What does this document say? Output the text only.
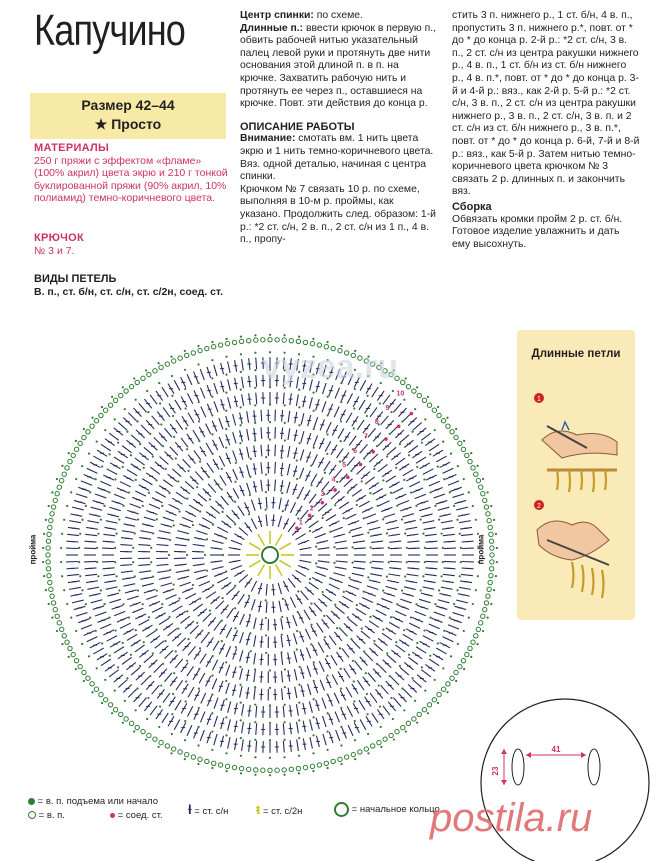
Капучино
Размер 42–44
★ Просто
МАТЕРИАЛЫ
250 г пряжи с эффектом «фламе» (100% акрил) цвета экрю и 210 г тонкой буклированной пряжи (90% акрил, 10% полиамид) темно-коричневого цвета.
КРЮЧОК
№ 3 и 7.
ВИДЫ ПЕТЕЛЬ
В. п., ст. б/н, ст. с/н, ст. с/2н, соед. ст.

Центр спинки: по схеме.

Длинные п.: ввести крючок в первую п., обвить рабочей нитью указательный палец левой руки и протянуть две нити основания этой длиной п. в п. на крючке. Захватить рабочую нить и протянуть ее через п., оставшиеся на крючке. Повт. эти действия до конца р.

ОПИСАНИЕ РАБОТЫ

Внимание: смотать вм. 1 нить цвета экрю и 1 нить темно-коричневого цвета.

Вяз. одной деталью, начиная с центра спинки.

Крючком № 7 связать 10 р. по схеме, выполняя в 10-м р. проймы, как указано. Продолжить след. образом: 1-й р.: *2 ст. с/н, 2 в. п., 2 ст. с/н из 1 п., 4 в. п., пропу-

стить 3 п. нижнего р., 1 ст. б/н, 4 в. п., пропустить 3 п. нижнего р.*, повт. от * до * до конца р. 2-й р.: *2 ст. с/н, 3 в. п., 2 ст. с/н из центра ракушки нижнего р., 4 в. п., 1 ст. б/н из ст. б/н нижнего р., 4 в. п.*, повт. от * до * до конца р. 3-й и 4-й р.: вяз., как 2-й р. 5-й р.: *2 ст. с/н, 3 в. п., 2 ст. с/н из центра ракушки нижнего р., 3 в. п., 2 ст. с/н, 3 в. п. и 2 ст. с/н из ст. б/н нижнего р., 3 в. п.*, повт. от * до * до конца р. 6-й, 7-й и 8-й р.: вяз., как 5-й р. Затем нитью темно-коричневого цвета крючком № 3 связать 2 р. длинных п. и закончить вяз.

Сборка

Обвязать кромки пройм 2 р. ст. б/н. Готовое изделие увлажнить и дать ему высохнуть.

1
2
3
4
5
6
7
8
9
10
пройма	пройма
Длинные петли
1
2
41
23
= в. п. подъема или начало
= в. п.	= соед. ст. ƚ = ст. с/н ŧ = ст. с/2н	= начальное кольцо
postila.ru
vyzea.ru
